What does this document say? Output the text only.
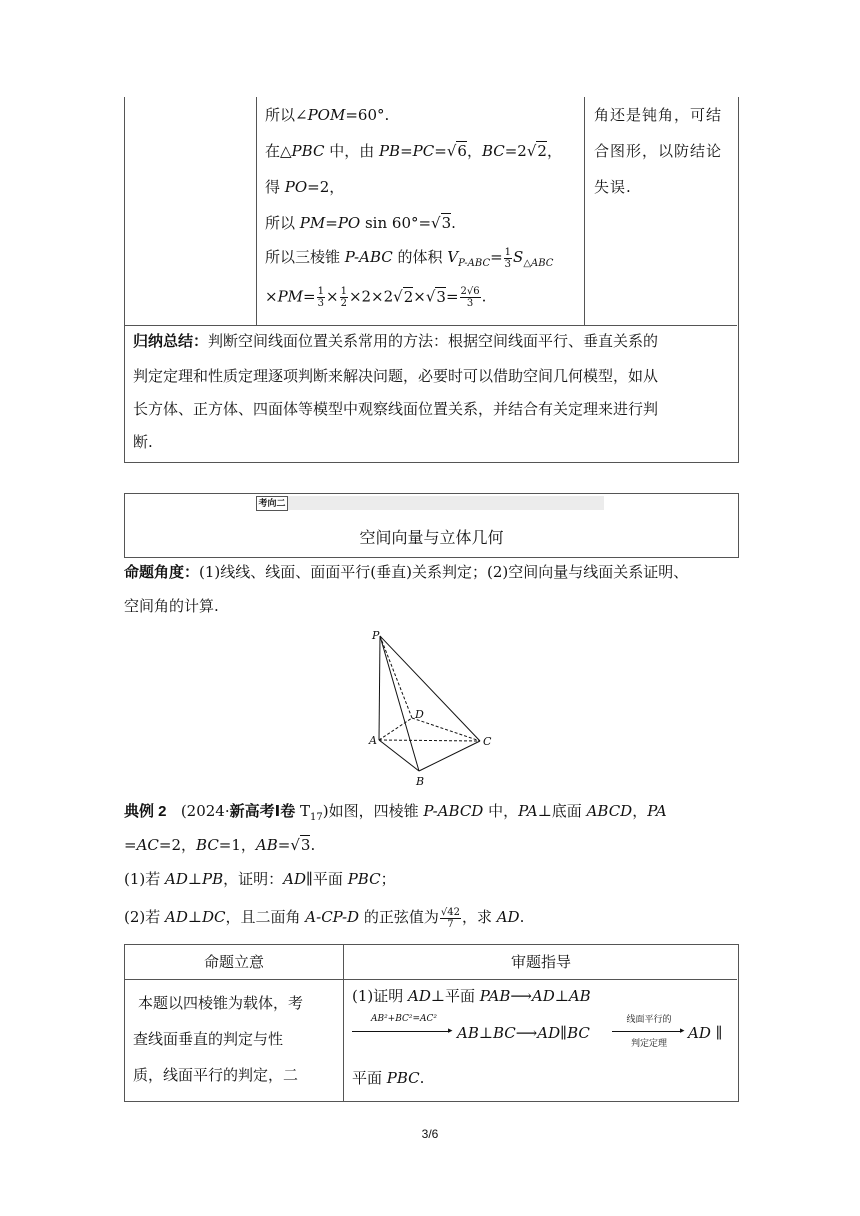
所以∠POM=60°.
在△PBC 中，由 PB=PC=√6，BC=2√2，
得 PO=2，
所以 PM=PO sin 60°=√3.
所以三棱锥 P-ABC 的体积 $V_{P-ABC}= \frac{1}{3} S_{\triangle ABC}$
$\times PM= \frac{1}{3} \times \frac{1}{2} \times 2\times 2√2\times√3= \frac{2√6}{3}$ .
角还是钝角，可结
合图形，以防结论
失误.
归纳总结：判断空间线面位置关系常用的方法：根据空间线面平行、垂直关系的
判定定理和性质定理逐项判断来解决问题，必要时可以借助空间几何模型，如从
长方体、正方体、四面体等模型中观察线面位置关系，并结合有关定理来进行判
断.
考向二
空间向量与立体几何
命题角度：(1)线线、线面、面面平行(垂直)关系判定；(2)空间向量与线面关系证明、
空间角的计算.
P
D
A	C
B
典例 2   (2024·新高考Ⅰ卷 $T_{17}$)如图，四棱锥 P-ABCD 中，PA⊥底面 ABCD，PA
=AC=2，BC=1，AB=√3.
(1)若 AD⊥PB，证明：AD∥平面 PBC；
(2)若 AD⊥DC，且二面角 A-CP-D 的正弦值为 $\frac{√42}{7}$ ，求 AD.
命题立意	审题指导
本题以四棱锥为载体，考
查线面垂直的判定与性
质，线面平行的判定，二
(1)证明 AD⊥平面 PAB⟶AD⊥AB
AB²+BC²=AC²
▸ AB⊥BC⟶AD∥BC
线面平行的
▸
判定定理
AD ∥
平面 PBC.
3/6
